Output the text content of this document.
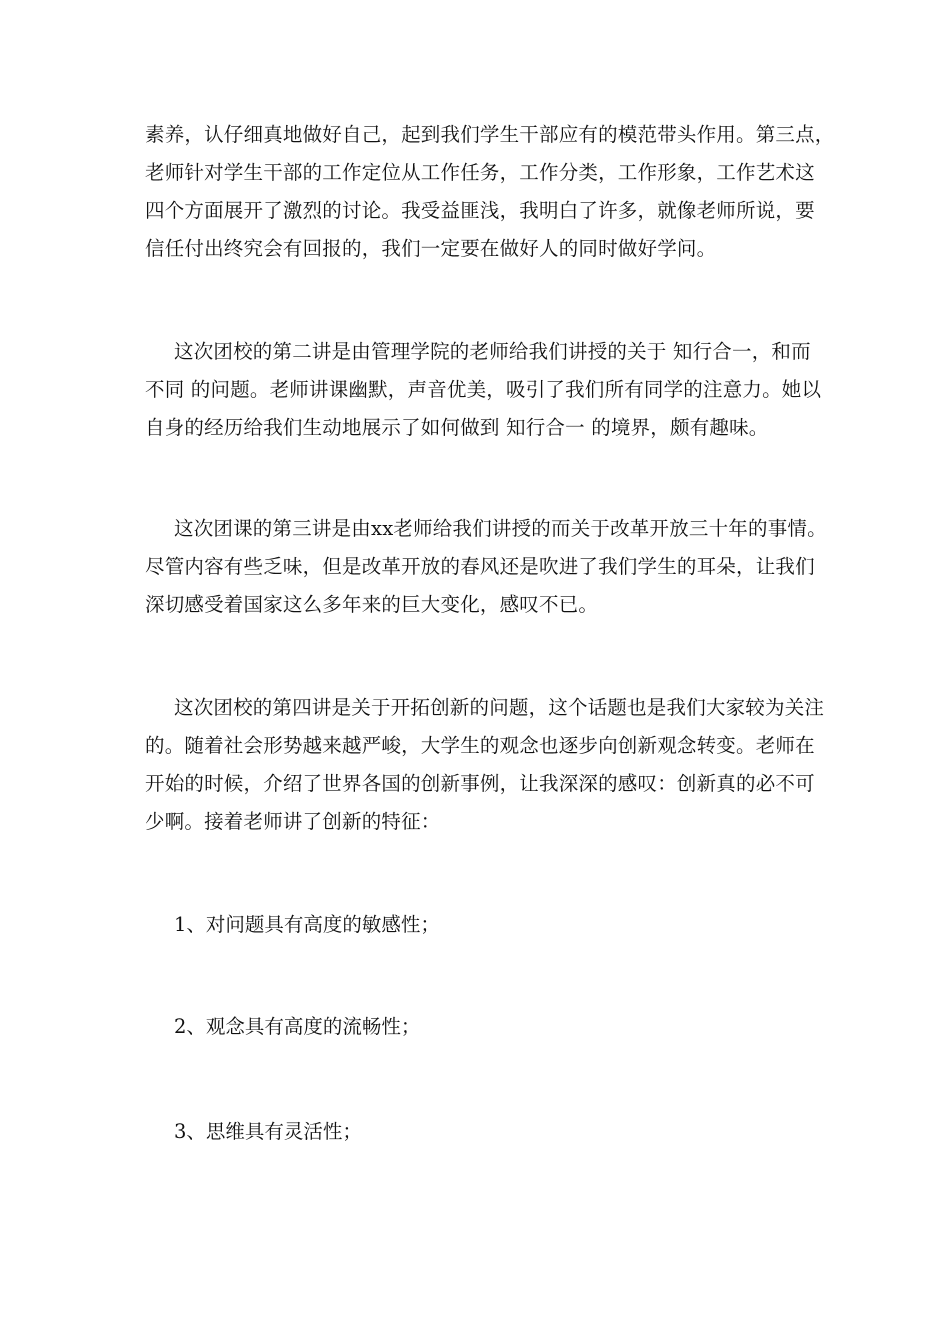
素养，认仔细真地做好自己，起到我们学生干部应有的模范带头作用。第三点，
老师针对学生干部的工作定位从工作任务，工作分类，工作形象，工作艺术这
四个方面展开了激烈的讨论。我受益匪浅，我明白了许多，就像老师所说，要
信任付出终究会有回报的，我们一定要在做好人的同时做好学问。
这次团校的第二讲是由管理学院的老师给我们讲授的关于 知行合一，和而
不同 的问题。老师讲课幽默，声音优美，吸引了我们所有同学的注意力。她以
自身的经历给我们生动地展示了如何做到 知行合一 的境界，颇有趣味。
这次团课的第三讲是由xx老师给我们讲授的而关于改革开放三十年的事情。
尽管内容有些乏味，但是改革开放的春风还是吹进了我们学生的耳朵，让我们
深切感受着国家这么多年来的巨大变化，感叹不已。
这次团校的第四讲是关于开拓创新的问题，这个话题也是我们大家较为关注
的。随着社会形势越来越严峻，大学生的观念也逐步向创新观念转变。老师在
开始的时候，介绍了世界各国的创新事例，让我深深的感叹：创新真的必不可
少啊。接着老师讲了创新的特征：

1、对问题具有高度的敏感性；

2、观念具有高度的流畅性；

3、思维具有灵活性；
